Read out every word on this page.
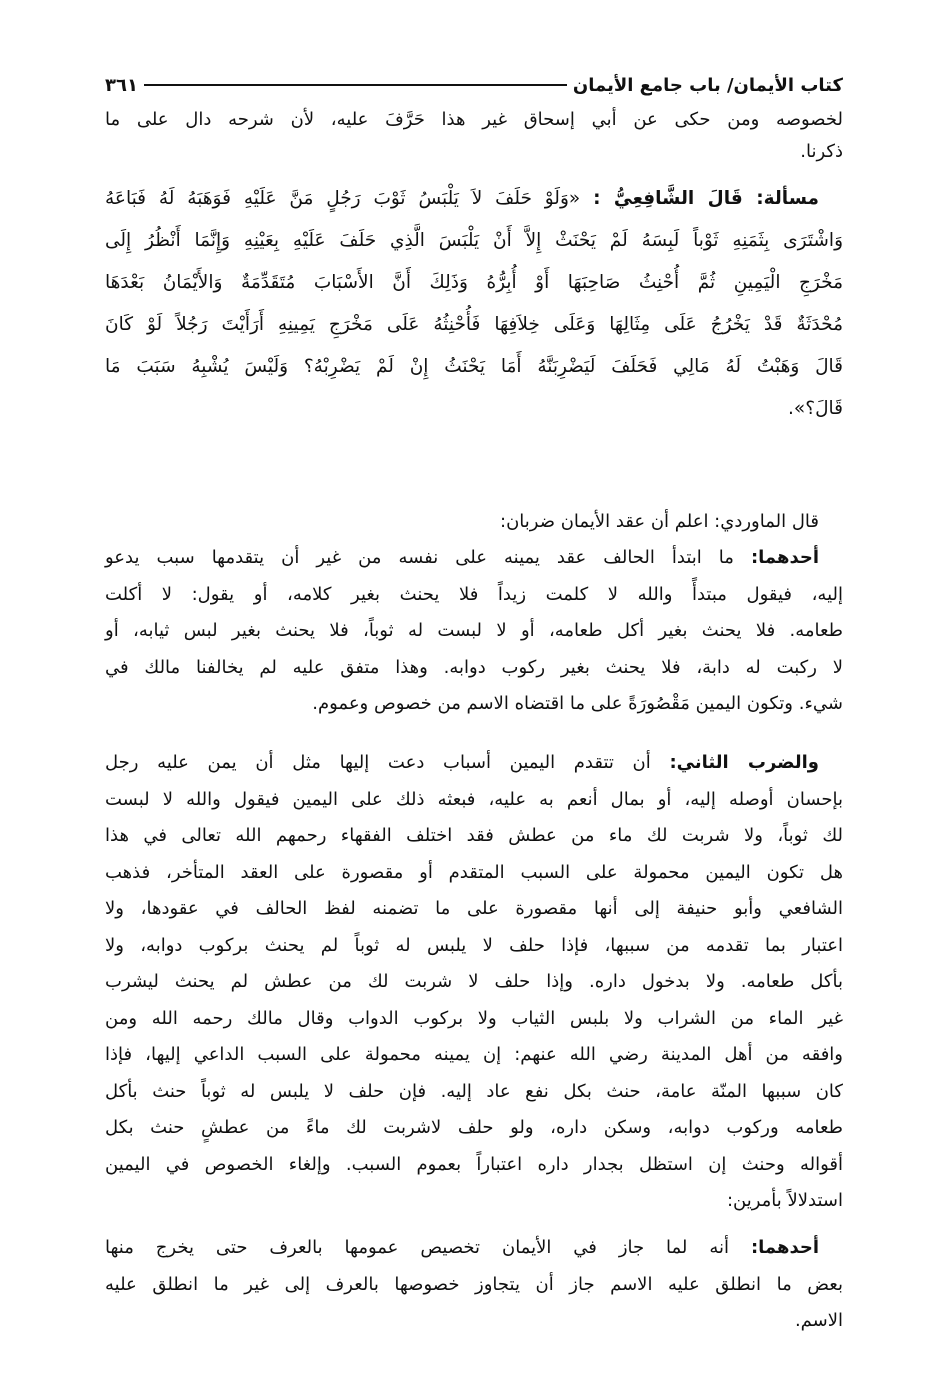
كتاب الأيمان/ باب جامع الأيمان
٣٦١
لخصوصه ومن حكى عن أبي إسحاق غير هذا حَرَّفَ عليه، لأن شرحه دال على ما
ذكرنا.
مسألة: قَالَ الشَّافِعِيُّ : «وَلَوْ حَلَفَ لاَ يَلْبَسُ ثَوْبَ رَجُلٍ مَنَّ عَلَيْهِ فَوَهَبَهُ لَهُ فَبَاعَهُ
وَاشْتَرَى بِثَمَنِهِ ثَوْباً لَبِسَهُ لَمْ يَحْنَثْ إِلاَّ أَنْ يَلْبَسَ الَّذِي حَلَفَ عَلَيْهِ بِعَيْنِهِ وَإِنَّمَا أَنْظُرُ إِلَى
مَخْرَجِ الْيَمِينِ ثُمَّ أُحْنِثُ صَاحِبَهَا أَوْ أُبِرُّهُ وَذَلِكَ أَنَّ الأَسْبَابَ مُتَقَدِّمَةٌ وَالأَيْمَانُ بَعْدَهَا
مُحْدَثَةٌ قَدْ يَخْرُجُ عَلَى مِثَالِهَا وَعَلَى خِلاَفِهَا فَأُحْنِثُهُ عَلَى مَخْرَجِ يَمِينِهِ أَرَأَيْتَ رَجُلاً لَوْ كَانَ
قَالَ وَهَبْتُ لَهُ مَالِي فَحَلَفَ لَيَضْرِبَنَّهُ أَمَا يَحْنَثُ إِنْ لَمْ يَضْرِبْهُ؟ وَلَيْسَ يُشْبِهُ سَبَبَ مَا
قَالَ؟».
قال الماوردي: اعلم أن عقد الأيمان ضربان:
أحدهما: ما ابتدأ الحالف عقد يمينه على نفسه من غير أن يتقدمها سبب يدعو
إليه، فيقول مبتدأً والله لا كلمت زيداً فلا يحنث بغير كلامه، أو يقول: لا أكلت
طعامه. فلا يحنث بغير أكل طعامه، أو لا لبست له ثوباً، فلا يحنث بغير لبس ثيابه، أو
لا ركبت له دابة، فلا يحنث بغير ركوب دوابه. وهذا متفق عليه لم يخالفنا مالك في
شيء. وتكون اليمين مَقْصُورَةً على ما اقتضاه الاسم من خصوص وعموم.
والضرب الثاني: أن تتقدم اليمين أسباب دعت إليها مثل أن يمن عليه رجل
بإحسان أوصله إليه، أو بمال أنعم به عليه، فبعثه ذلك على اليمين فيقول والله لا لبست
لك ثوباً، ولا شربت لك ماء من عطش فقد اختلف الفقهاء رحمهم الله تعالى في هذا
هل تكون اليمين محمولة على السبب المتقدم أو مقصورة على العقد المتأخر، فذهب
الشافعي وأبو حنيفة إلى أنها مقصورة على ما تضمنه لفظ الحالف في عقودها، ولا
اعتبار بما تقدمه من سببها، فإذا حلف لا يلبس له ثوباً لم يحنث بركوب دوابه، ولا
بأكل طعامه. ولا بدخول داره. وإذا حلف لا شربت لك من عطش لم يحنث ليشرب
غير الماء من الشراب ولا بلبس الثياب ولا بركوب الدواب وقال مالك رحمه الله ومن
وافقه من أهل المدينة رضي الله عنهم: إن يمينه محمولة على السبب الداعي إليها، فإذا
كان سببها المنّة عامة، حنث بكل نفع عاد إليه. فإن حلف لا يلبس له ثوباً حنث بأكل
طعامه وركوب دوابه، وسكن داره، ولو حلف لاشربت لك ماءً من عطشٍ حنث بكل
أقواله وحنث إن استظل بجدار داره اعتباراً بعموم السبب. وإلغاء الخصوص في اليمين
استدلالاً بأمرين:
أحدهما: أنه لما جاز في الأيمان تخصيص عمومها بالعرف حتى يخرج منها
بعض ما انطلق عليه الاسم جاز أن يتجاوز خصوصها بالعرف إلى غير ما انطلق عليه
الاسم.
